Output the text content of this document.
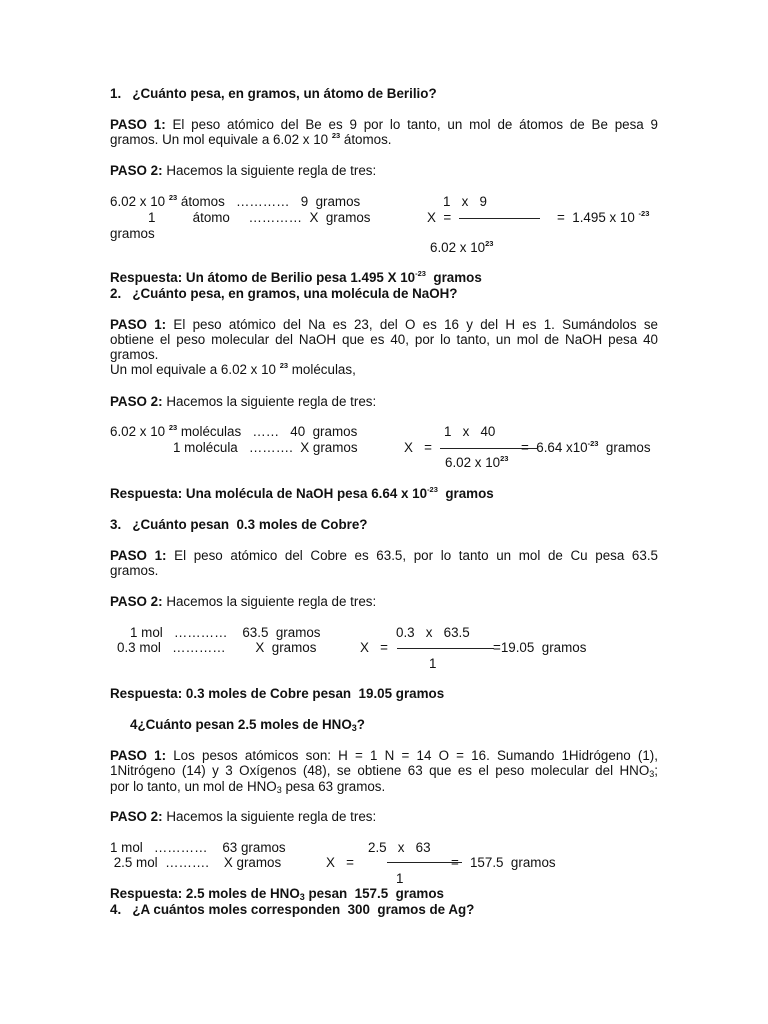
1.   ¿Cuánto pesa, en gramos, un átomo de Berilio?
PASO 1: El peso atómico del Be es 9 por lo tanto, un mol de átomos de Be pesa 9
gramos. Un mol equivale a 6.02 x 10 $^{23}$ átomos.
PASO 2: Hacemos la siguiente regla de tres:
6.02 x 10 $^{23}$ átomos   …………   9  gramos	1   x   9
1          átomo     …………  X  gramos	X  =	=  1.495 x 10 $^{-23}$
gramos
6.02 x $10^{23}$
Respuesta: Un átomo de Berilio pesa 1.495 X $10^{-23}$  gramos
2.   ¿Cuánto pesa, en gramos, una molécula de NaOH?
PASO 1: El peso atómico del Na es 23, del O es 16 y del H es 1. Sumándolos se
obtiene el peso molecular del NaOH que es 40, por lo tanto, un mol de NaOH pesa 40
gramos.
Un mol equivale a 6.02 x 10 $^{23}$ moléculas,
PASO 2: Hacemos la siguiente regla de tres:
6.02 x 10 $^{23}$ moléculas   ……   40  gramos	1   x   40
1 molécula   ……….  X gramos	X   =	=  6.64 $x10^{-23}$  gramos
6.02 x $10^{23}$
Respuesta: Una molécula de NaOH pesa 6.64 x $10^{-23}$  gramos
3.   ¿Cuánto pesan  0.3 moles de Cobre?
PASO 1: El peso atómico del Cobre es 63.5, por lo tanto un mol de Cu pesa 63.5
gramos.
PASO 2: Hacemos la siguiente regla de tres:
1 mol   …………    63.5  gramos	0.3   x   63.5
0.3 mol   …………        X  gramos	X   =	=19.05  gramos
1
Respuesta: 0.3 moles de Cobre pesan  19.05 gramos
4¿Cuánto pesan 2.5 moles de $HNO_3$?
PASO 1: Los pesos atómicos son: H = 1 N = 14 O = 16. Sumando 1Hidrógeno (1),
1Nitrógeno (14) y 3 Oxígenos (48), se obtiene 63 que es el peso molecular del $HNO_3$;
por lo tanto, un mol de $HNO_3$ pesa 63 gramos.
PASO 2: Hacemos la siguiente regla de tres:
1 mol   …………    63 gramos	2.5   x   63
2.5 mol  ……….    X gramos	X   =	=   157.5  gramos
1
Respuesta: 2.5 moles de $HNO_3$ pesan  157.5  gramos
4.   ¿A cuántos moles corresponden  300  gramos de Ag?
